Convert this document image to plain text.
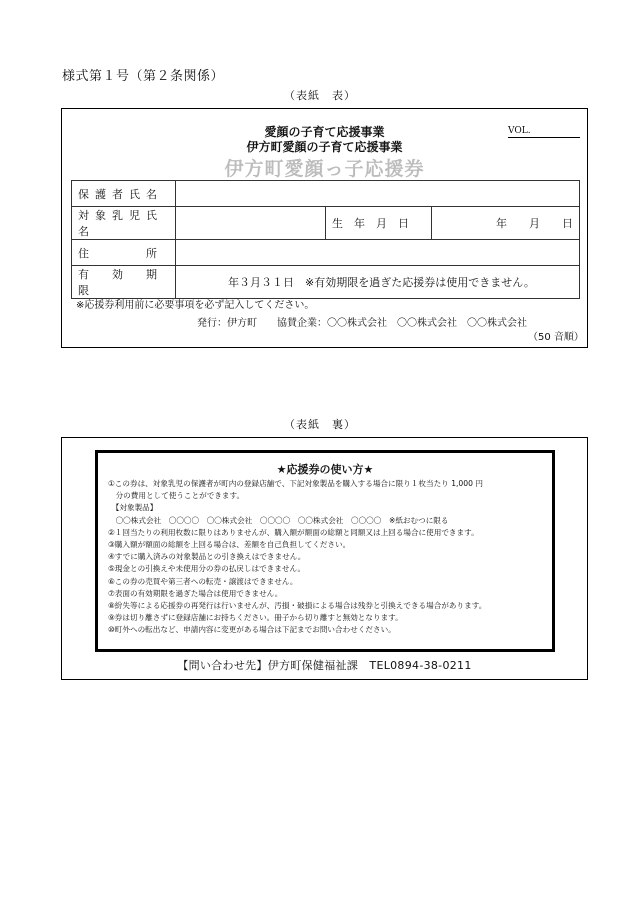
様式第１号（第２条関係）
（表紙　表）
愛顔の子育て応援事業
伊方町愛顔の子育て応援事業
VOL.
伊方町愛顔っ子応援券
保護者氏名			
対象乳児氏名		生　年　月　日	年　　月　　日
住　　　所			
有　効　期　限	年３月３１日　※有効期限を過ぎた応援券は使用できません。		
※応援券利用前に必要事項を必ず記入してください。
発行：伊方町　　協賛企業：〇〇株式会社　〇〇株式会社　〇〇株式会社
（50 音順）
（表紙　裏）
★応援券の使い方★
①この券は、対象乳児の保護者が町内の登録店舗で、下記対象製品を購入する場合に限り１枚当たり 1,000 円
　分の費用として使うことができます。
　【対象製品】
　〇〇株式会社　〇〇〇〇　〇〇株式会社　〇〇〇〇　〇〇株式会社　〇〇〇〇　※紙おむつに限る
②１回当たりの利用枚数に限りはありませんが、購入額が額面の総額と同額又は上回る場合に使用できます。
③購入額が額面の総額を上回る場合は、差額を自己負担してください。
④すでに購入済みの対象製品との引き換えはできません。
⑤現金との引換えや未使用分の券の払戻しはできません。
⑥この券の売買や第三者への転売・譲渡はできません。
⑦表面の有効期限を過ぎた場合は使用できません。
⑧紛失等による応援券の再発行は行いませんが、汚損・破損による場合は残券と引換えできる場合があります。
⑨券は切り離さずに登録店舗にお持ちください。冊子から切り離すと無効となります。
⑩町外への転出など、申請内容に変更がある場合は下記までお問い合わせください。
【問い合わせ先】伊方町保健福祉課　TEL0894-38-0211
